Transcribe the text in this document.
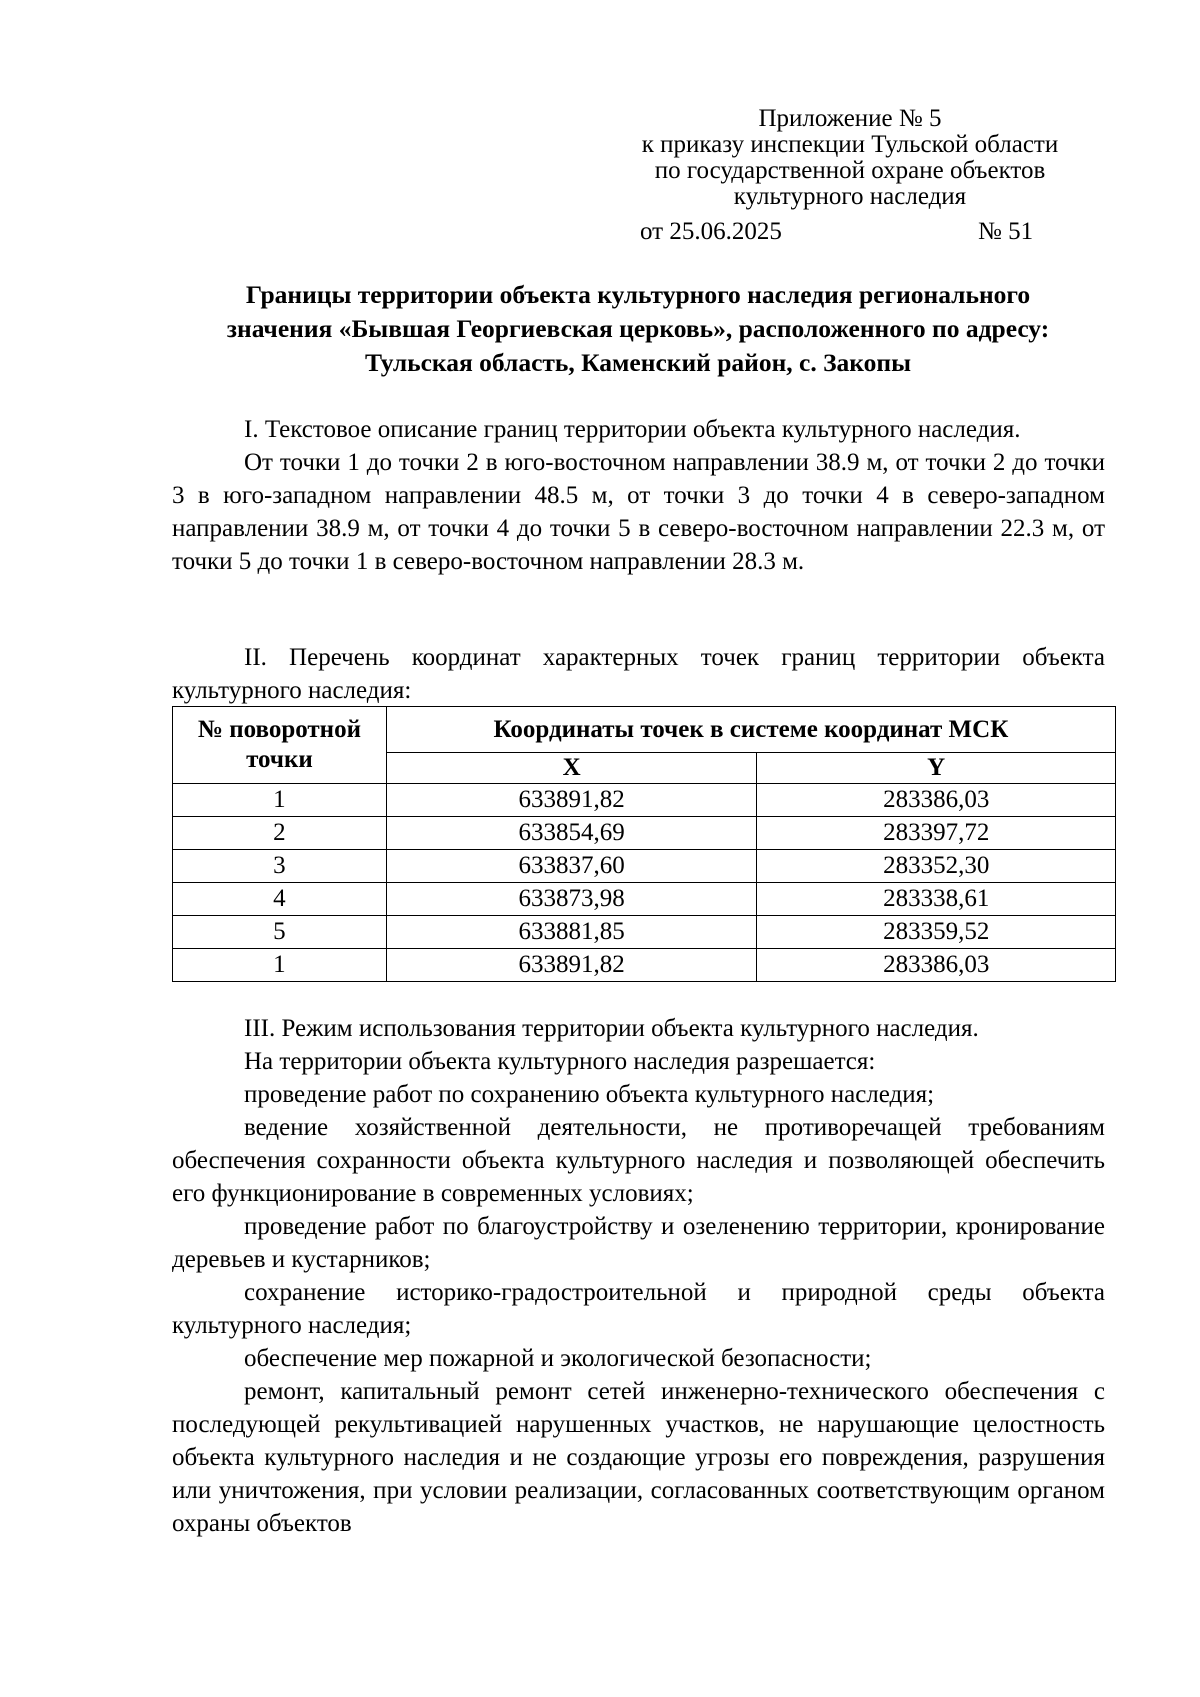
Приложение № 5
к приказу инспекции Тульской области
по государственной охране объектов
культурного наследия
от 25.06.2025	№ 51
Границы территории объекта культурного наследия регионального
значения «Бывшая Георгиевская церковь», расположенного по адресу:
Тульская область, Каменский район, с. Закопы

I. Текстовое описание границ территории объекта культурного наследия.

От точки 1 до точки 2 в юго-восточном направлении 38.9 м, от точки 2 до точки 3 в юго-западном направлении 48.5 м, от точки 3 до точки 4 в северо-западном направлении 38.9 м, от точки 4 до точки 5 в северо-восточном направлении 22.3 м, от точки 5 до точки 1 в северо-восточном направлении 28.3 м.

II. Перечень координат характерных точек границ территории объекта культурного наследия:

№ поворотной точки	Координаты точек в системе координат МСК	
	X	Y
1	633891,82	283386,03
2	633854,69	283397,72
3	633837,60	283352,30
4	633873,98	283338,61
5	633881,85	283359,52
1	633891,82	283386,03

III. Режим использования территории объекта культурного наследия.

На территории объекта культурного наследия разрешается:

проведение работ по сохранению объекта культурного наследия;

ведение хозяйственной деятельности, не противоречащей требованиям обеспечения сохранности объекта культурного наследия и позволяющей обеспечить его функционирование в современных условиях;

проведение работ по благоустройству и озеленению территории, кронирование деревьев и кустарников;

сохранение историко-градостроительной и природной среды объекта культурного наследия;

обеспечение мер пожарной и экологической безопасности;

ремонт, капитальный ремонт сетей инженерно-технического обеспечения с последующей рекультивацией нарушенных участков, не нарушающие целостность объекта культурного наследия и не создающие угрозы его повреждения, разрушения или уничтожения, при условии реализации, согласованных соответствующим органом охраны объектов
